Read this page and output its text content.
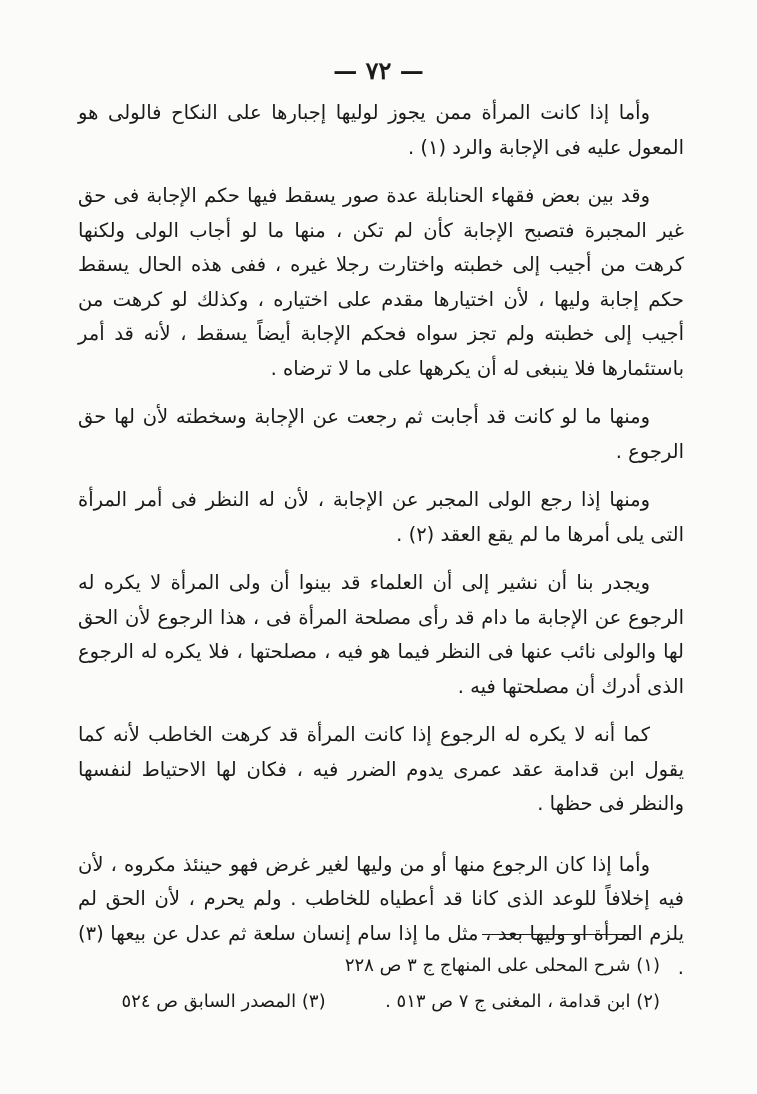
— ٧٢ —

وأما إذا كانت المرأة ممن يجوز لوليها إجبارها على النكاح فالولى هو المعول عليه فى الإجابة والرد (١) .

وقد بين بعض فقهاء الحنابلة عدة صور يسقط فيها حكم الإجابة فى حق غير المجبرة فتصبح الإجابة كأن لم تكن ، منها ما لو أجاب الولى ولكنها كرهت من أجيب إلى خطبته واختارت رجلا غيره ، ففى هذه الحال يسقط حكم إجابة وليها ، لأن اختيارها مقدم على اختياره ، وكذلك لو كرهت من أجيب إلى خطبته ولم تجز سواه فحكم الإجابة أيضاً يسقط ، لأنه قد أمر باستئمارها فلا ينبغى له أن يكرهها على ما لا ترضاه .

ومنها ما لو كانت قد أجابت ثم رجعت عن الإجابة وسخطته لأن لها حق الرجوع .

ومنها إذا رجع الولى المجبر عن الإجابة ، لأن له النظر فى أمر المرأة التى يلى أمرها ما لم يقع العقد (٢) .

ويجدر بنا أن نشير إلى أن العلماء قد بينوا أن ولى المرأة لا يكره له الرجوع عن الإجابة ما دام قد رأى مصلحة المرأة فى ، هذا الرجوع لأن الحق لها والولى نائب عنها فى النظر فيما هو فيه ، مصلحتها ، فلا يكره له الرجوع الذى أدرك أن مصلحتها فيه .

كما أنه لا يكره له الرجوع إذا كانت المرأة قد كرهت الخاطب لأنه كما يقول ابن قدامة عقد عمرى يدوم الضرر فيه ، فكان لها الاحتياط لنفسها والنظر فى حظها .

وأما إذا كان الرجوع منها أو من وليها لغير غرض فهو حينئذ مكروه ، لأن فيه إخلافاً للوعد الذى كانا قد أعطياه للخاطب . ولم يحرم ، لأن الحق لم يلزم المرأة او وليها بعد ، مثل ما إذا سام إنسان سلعة ثم عدل عن بيعها (٣) .

(١) شرح المحلى على المنهاج ج ٣ ص ٢٢٨
(٢) ابن قدامة ، المغنى ج ٧ ص ٥١٣ .  (٣) المصدر السابق ص ٥٢٤
